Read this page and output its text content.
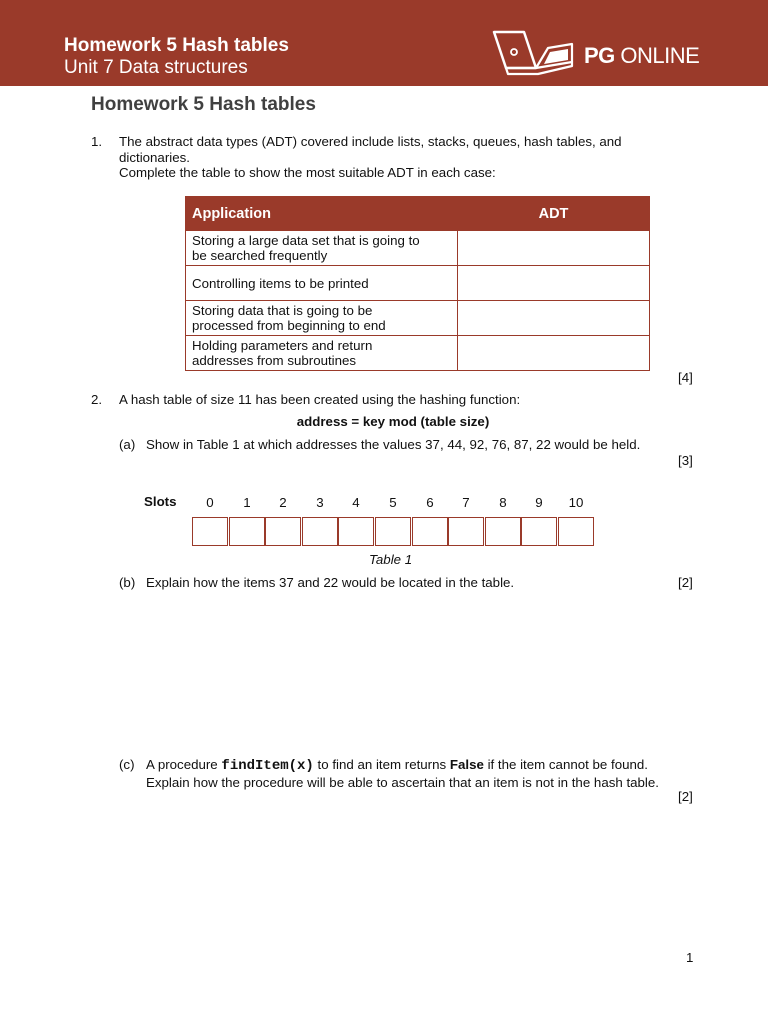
Homework 5 Hash tables
Unit 7 Data structures	PG ONLINE
Homework 5 Hash tables
1.	The abstract data types (ADT) covered include lists, stacks, queues, hash tables, and
dictionaries.
Complete the table to show the most suitable ADT in each case:
Application	ADT

Storing a large data set that is going to
be searched frequently	

Controlling items to be printed	

Storing data that is going to be
processed from beginning to end	

Holding parameters and return
addresses from subroutines	

[4]
2.	A hash table of size 11 has been created using the hashing function:
address = key mod (table size)
(a) Show in Table 1 at which addresses the values 37, 44, 92, 76, 87, 22 would be held.
[3]
Slots	0	1	2	3	4	5	6	7	8	9	10
Table 1
(b) Explain how the items 37 and 22 would be located in the table.	[2]
(c) A procedure findItem(x) to find an item returns False if the item cannot be found.
Explain how the procedure will be able to ascertain that an item is not in the hash table.
[2]
1
